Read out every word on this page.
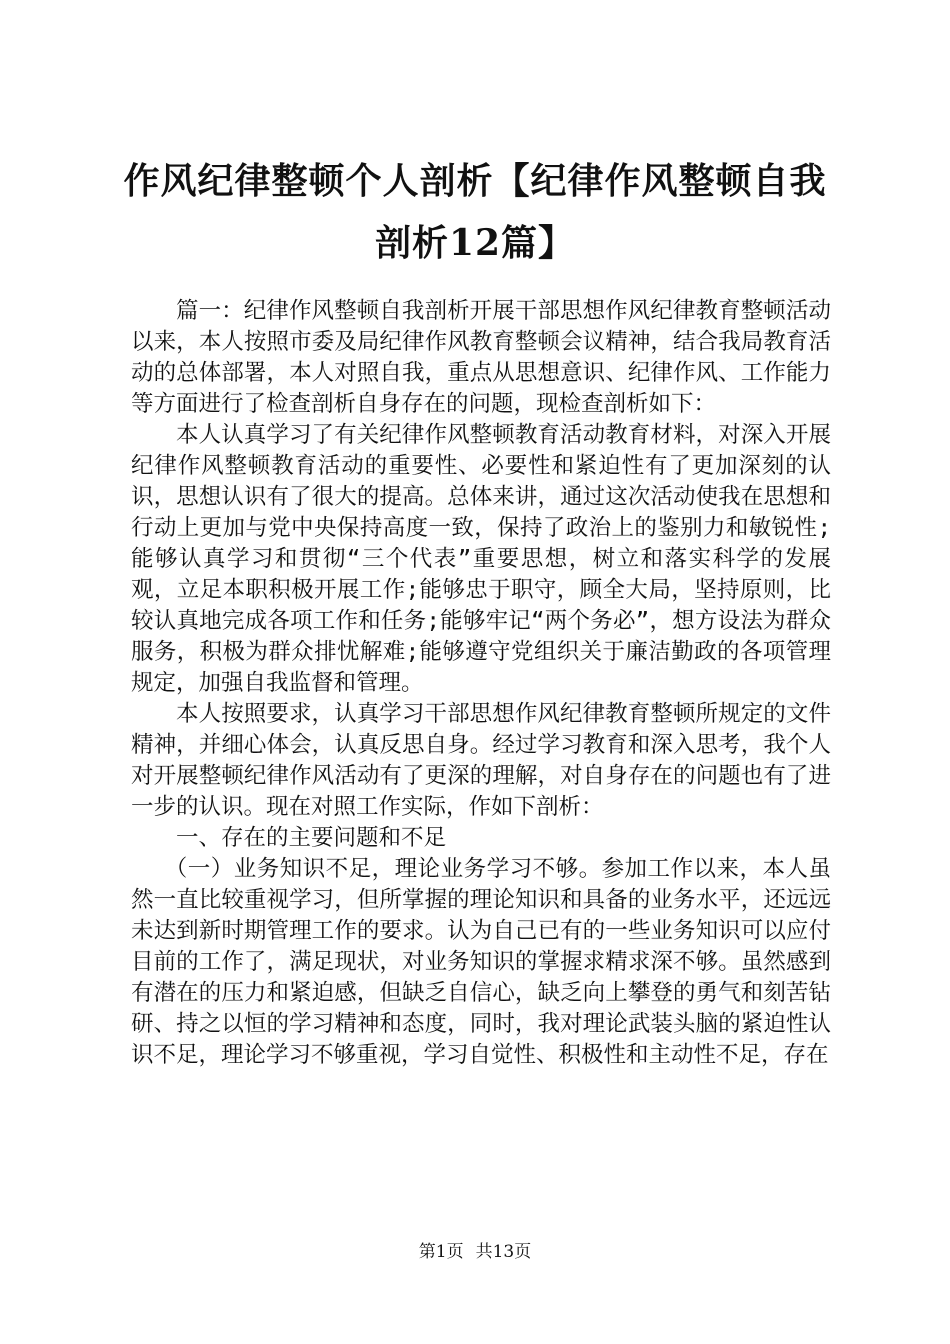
作风纪律整顿个人剖析【纪律作风整顿自我剖析12篇】

篇一：纪律作风整顿自我剖析开展干部思想作风纪律教育整顿活动以来，本人按照市委及局纪律作风教育整顿会议精神，结合我局教育活动的总体部署，本人对照自我，重点从思想意识、纪律作风、工作能力等方面进行了检查剖析自身存在的问题，现检查剖析如下：

本人认真学习了有关纪律作风整顿教育活动教育材料，对深入开展纪律作风整顿教育活动的重要性、必要性和紧迫性有了更加深刻的认识，思想认识有了很大的提高。总体来讲，通过这次活动使我在思想和行动上更加与党中央保持高度一致，保持了政治上的鉴别力和敏锐性;能够认真学习和贯彻“三个代表”重要思想，树立和落实科学的发展观，立足本职积极开展工作;能够忠于职守，顾全大局，坚持原则，比较认真地完成各项工作和任务;能够牢记“两个务必”，想方设法为群众服务，积极为群众排忧解难;能够遵守党组织关于廉洁勤政的各项管理规定，加强自我监督和管理。

本人按照要求，认真学习干部思想作风纪律教育整顿所规定的文件精神，并细心体会，认真反思自身。经过学习教育和深入思考，我个人对开展整顿纪律作风活动有了更深的理解，对自身存在的问题也有了进一步的认识。现在对照工作实际，作如下剖析：

一、存在的主要问题和不足

（一）业务知识不足，理论业务学习不够。参加工作以来，本人虽然一直比较重视学习，但所掌握的理论知识和具备的业务水平，还远远未达到新时期管理工作的要求。认为自己已有的一些业务知识可以应付目前的工作了，满足现状，对业务知识的掌握求精求深不够。虽然感到有潜在的压力和紧迫感，但缺乏自信心，缺乏向上攀登的勇气和刻苦钻研、持之以恒的学习精神和态度，同时，我对理论武装头脑的紧迫性认识不足，理论学习不够重视，学习自觉性、积极性和主动性不足，存在

第1页 共13页
